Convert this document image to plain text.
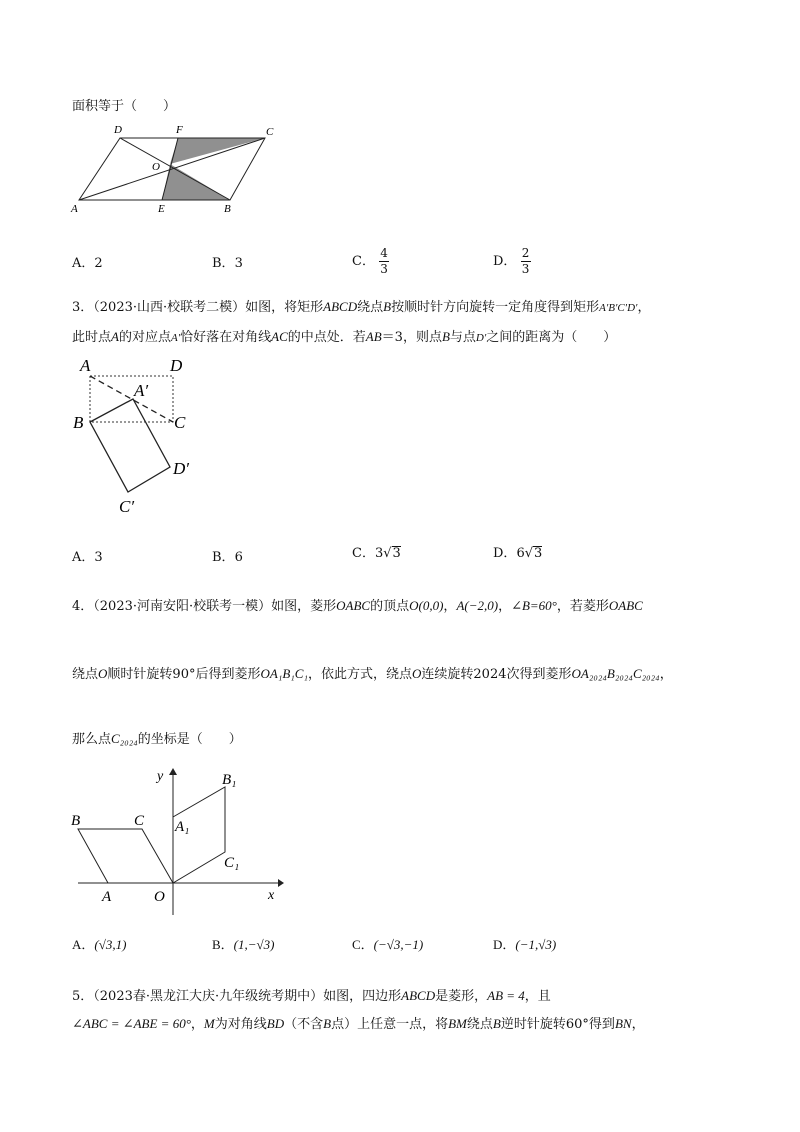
面积等于（　　）
D	F	C
O
A	E	B
A．2	B．3	C． $\frac{4}{3}$	D． $\frac{2}{3}$
3．（2023·山西·校联考二模）如图，将矩形ABCD绕点B按顺时针方向旋转一定角度得到矩形A′B′C′D′，
此时点A的对应点A′恰好落在对角线AC的中点处．若AB＝3，则点B与点D′之间的距离为（　　）
A	D
A′
B	C
D′
C′
A．3	B．6	C．3√3	D．6√3
4．（2023·河南安阳·校联考一模）如图，菱形OABC的顶点O(0,0)，A(−2,0)，∠B=60°，若菱形OABC
绕点O顺时针旋转90°后得到菱形OA₁B₁C₁，依此方式，绕点O连续旋转2024次得到菱形OA₂₀₂₄B₂₀₂₄C₂₀₂₄，
那么点C₂₀₂₄的坐标是（　　）
y
x
B	C
A	O
A₁
B₁
C₁
A．(√3,1)	B．(1,−√3)	C．(−√3,−1)	D．(−1,√3)
5．（2023春·黑龙江大庆·九年级统考期中）如图，四边形ABCD是菱形，AB = 4，且
∠ABC = ∠ABE = 60°，M为对角线BD（不含B点）上任意一点，将BM绕点B逆时针旋转60°得到BN，
